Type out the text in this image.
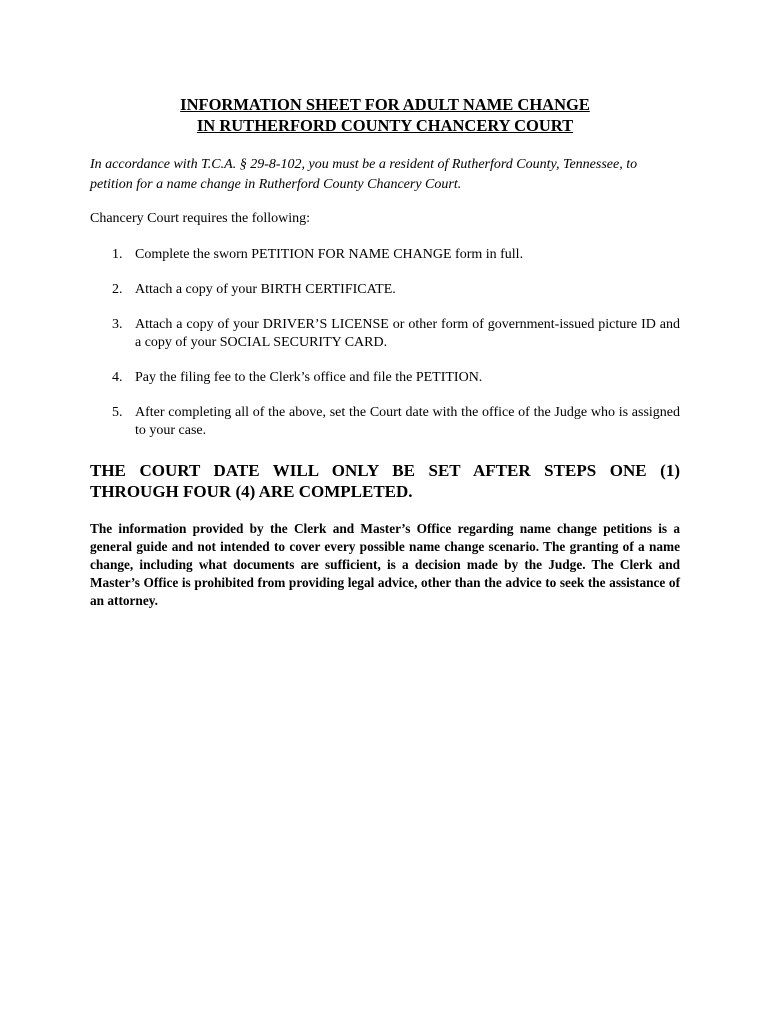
INFORMATION SHEET FOR ADULT NAME CHANGE
IN RUTHERFORD COUNTY CHANCERY COURT

In accordance with T.C.A. § 29-8-102, you must be a resident of Rutherford County, Tennessee, to petition for a name change in Rutherford County Chancery Court.

Chancery Court requires the following:

1. Complete the sworn PETITION FOR NAME CHANGE form in full.
2. Attach a copy of your BIRTH CERTIFICATE.
3. Attach a copy of your DRIVER’S LICENSE or other form of government-issued picture ID and a copy of your SOCIAL SECURITY CARD.
4. Pay the filing fee to the Clerk’s office and file the PETITION.
5. After completing all of the above, set the Court date with the office of the Judge who is assigned to your case.

THE COURT DATE WILL ONLY BE SET AFTER STEPS ONE (1)
THROUGH FOUR (4) ARE COMPLETED.

The information provided by the Clerk and Master’s Office regarding name change petitions is a general guide and not intended to cover every possible name change scenario. The granting of a name change, including what documents are sufficient, is a decision made by the Judge. The Clerk and Master’s Office is prohibited from providing legal advice, other than the advice to seek the assistance of an attorney.
